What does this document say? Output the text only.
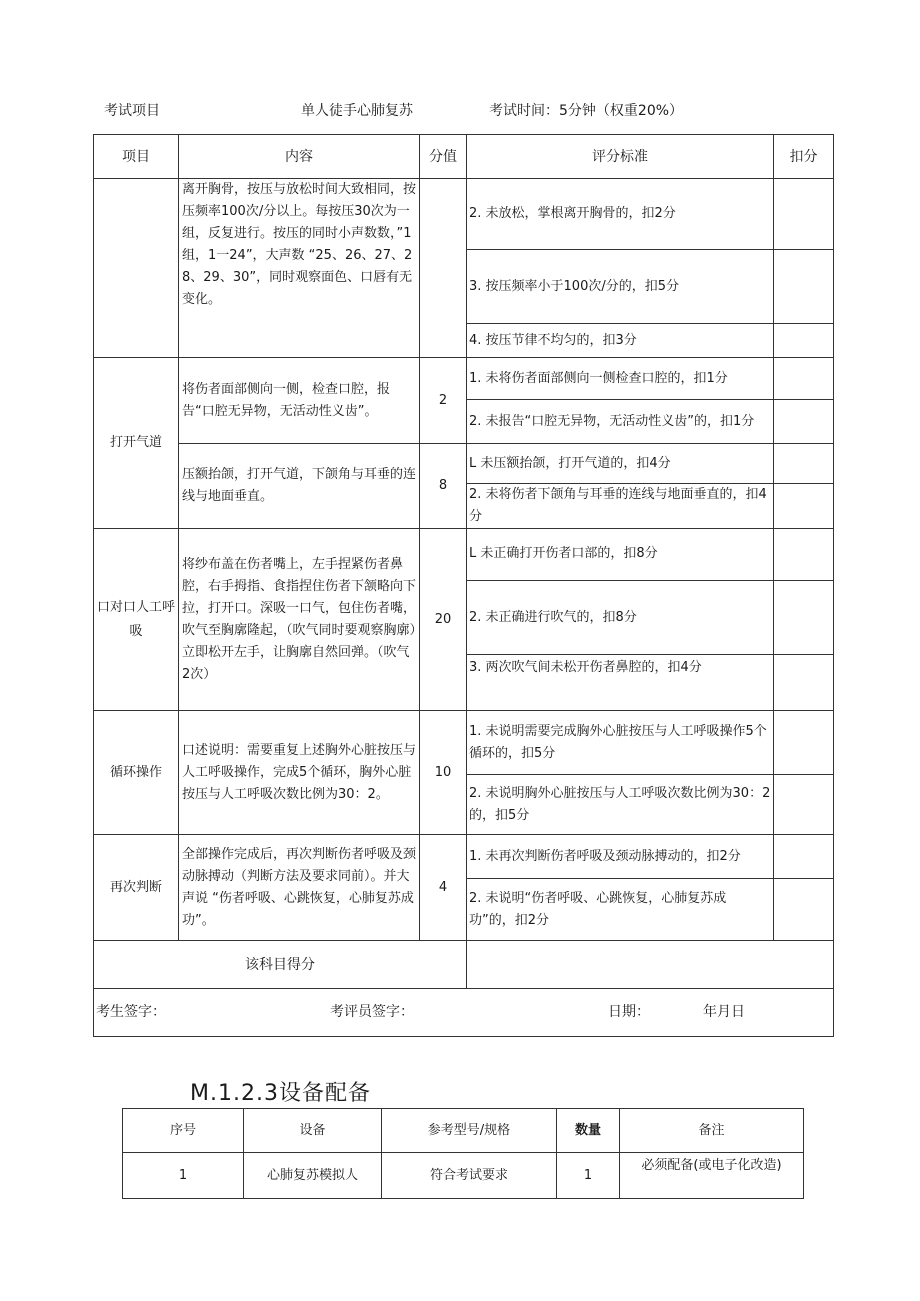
考试项目	单人徒手心肺复苏	考试时间：5分钟（权重20%）
项目	内容	分值	评分标准	扣分
	离开胸骨，按压与放松时间大致相同，按压频率100次/分以上。每按压30次为一组，反复进行。按压的同时小声数数，”1组，1一24”，大声数 “25、26、27、28、29、30”，同时观察面色、口唇有无变化。		2. 未放松，掌根离开胸骨的，扣2分	
			3. 按压频率小于100次/分的，扣5分	
			4. 按压节律不均匀的，扣3分	
打开气道	将伤者面部侧向一侧，检查口腔，报告“口腔无异物，无活动性义齿”。	2	1. 未将伤者面部侧向一侧检查口腔的，扣1分	
			2. 未报告“口腔无异物，无活动性义齿”的，扣1分	
	压额抬颌，打开气道，下颌角与耳垂的连线与地面垂直。	8	L 未压额抬颌，打开气道的，扣4分	
			2. 未将伤者下颌角与耳垂的连线与地面垂直的，扣4分	
口对口人工呼吸	将纱布盖在伤者嘴上，左手捏紧伤者鼻腔，右手拇指、食指捏住伤者下颔略向下拉，打开口。深吸一口气，包住伤者嘴，吹气至胸廓隆起，（吹气同时要观察胸廓）立即松开左手，让胸廓自然回弹。（吹气2次）	20	L 未正确打开伤者口部的，扣8分	
			2. 未正确进行吹气的，扣8分	
			3. 两次吹气间未松开伤者鼻腔的，扣4分	
循环操作	口述说明：需要重复上述胸外心脏按压与人工呼吸操作，完成5个循环，胸外心脏按压与人工呼吸次数比例为30：2。	10	1. 未说明需要完成胸外心脏按压与人工呼吸操作5个循环的，扣5分	
			2. 未说明胸外心脏按压与人工呼吸次数比例为30：2的，扣5分	
再次判断	全部操作完成后，再次判断伤者呼吸及颈动脉搏动（判断方法及要求同前）。并大声说 “伤者呼吸、心跳恢复，心肺复苏成功”。	4	1. 未再次判断伤者呼吸及颈动脉搏动的，扣2分	
			2. 未说明“伤者呼吸、心跳恢复，心肺复苏成功”的，扣2分	
该科目得分				

考生签字： 考评员签字： 日期： 年月日				
M.1.2.3设备配备
序号	设备	参考型号/规格	数量	备注
1	心肺复苏模拟人	符合考试要求	1	必须配备(或电子化改造)
